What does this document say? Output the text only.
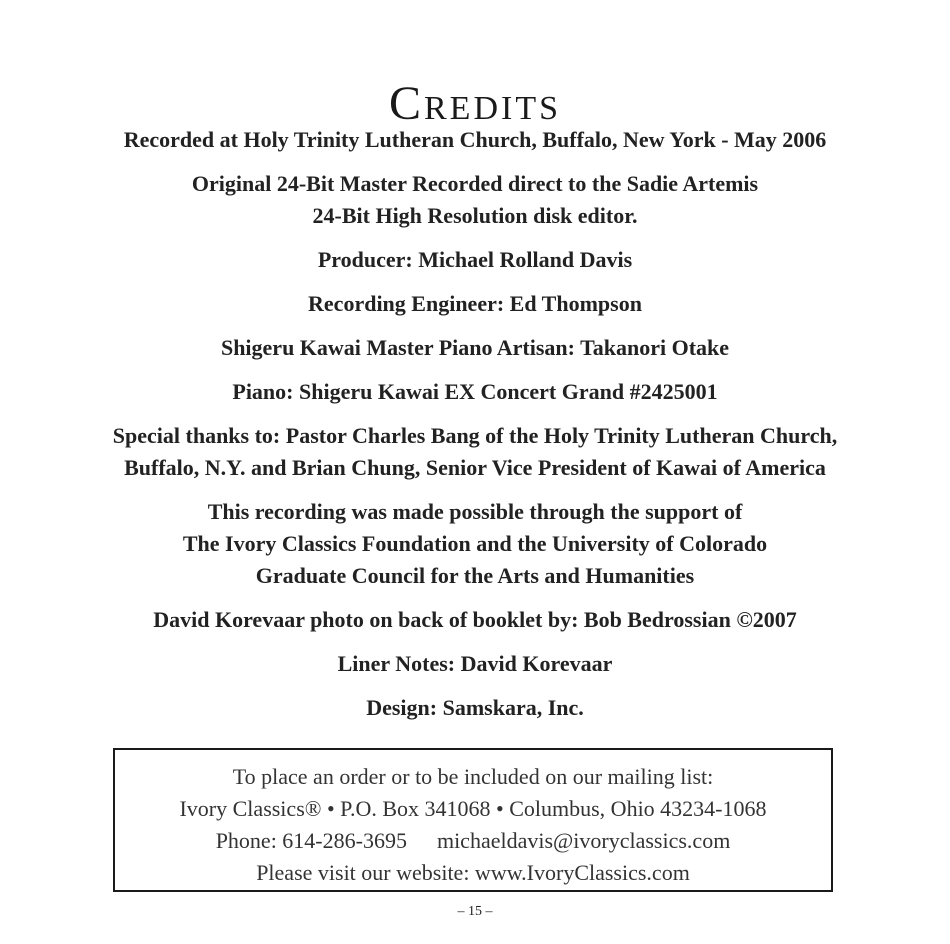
Credits

Recorded at Holy Trinity Lutheran Church, Buffalo, New York - May 2006

Original 24-Bit Master Recorded direct to the Sadie Artemis
24-Bit High Resolution disk editor.

Producer: Michael Rolland Davis

Recording Engineer: Ed Thompson

Shigeru Kawai Master Piano Artisan: Takanori Otake

Piano: Shigeru Kawai EX Concert Grand #2425001

Special thanks to: Pastor Charles Bang of the Holy Trinity Lutheran Church,
Buffalo, N.Y. and Brian Chung, Senior Vice President of Kawai of America

This recording was made possible through the support of
The Ivory Classics Foundation and the University of Colorado
Graduate Council for the Arts and Humanities

David Korevaar photo on back of booklet by: Bob Bedrossian ©2007

Liner Notes: David Korevaar

Design: Samskara, Inc.

To place an order or to be included on our mailing list:
Ivory Classics® • P.O. Box 341068 • Columbus, Ohio 43234-1068
Phone: 614-286-3695 michaeldavis@ivoryclassics.com
Please visit our website: www.IvoryClassics.com
– 15 –
